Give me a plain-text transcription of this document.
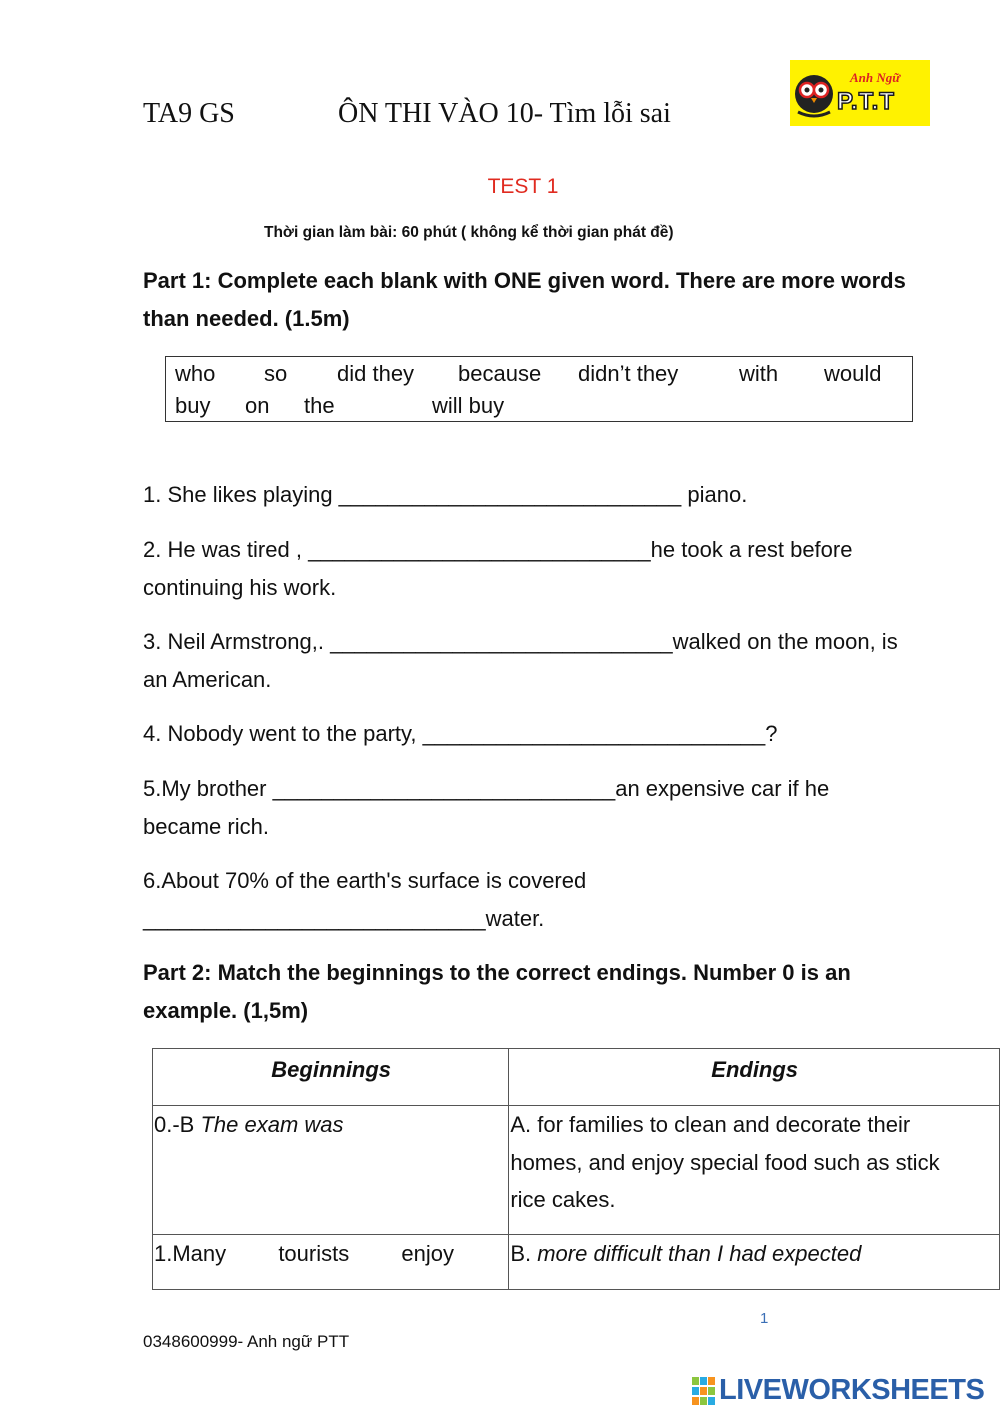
TA9 GS	ÔN THI VÀO 10- Tìm lỗi sai
Anh Ngữ
P.T.T
TEST 1
Thời gian làm bài: 60 phút ( không kể thời gian phát đề)
Part 1: Complete each blank with ONE given word. There are more words than needed. (1.5m)
who so did they because didn’t they	with would
buy on the	will buy
1. She likes playing ____________________________ piano.
2. He was tired , ____________________________he took a rest before continuing his work.
3. Neil Armstrong,. ____________________________walked on the moon, is an American.
4. Nobody went to the party, ____________________________?
5.My brother ____________________________an expensive car if he became rich.
6.About 70% of the earth's surface is covered ____________________________water.
Part 2: Match the beginnings to the correct endings. Number 0 is an example. (1,5m)
Beginnings	Endings
0.-B The exam was	A. for families to clean and decorate their
homes, and enjoy special food such as stick
rice cakes.

1.Many tourists enjoy	B. more difficult than I had expected
1
0348600999- Anh ngữ PTT
LIVEWORKSHEETS
